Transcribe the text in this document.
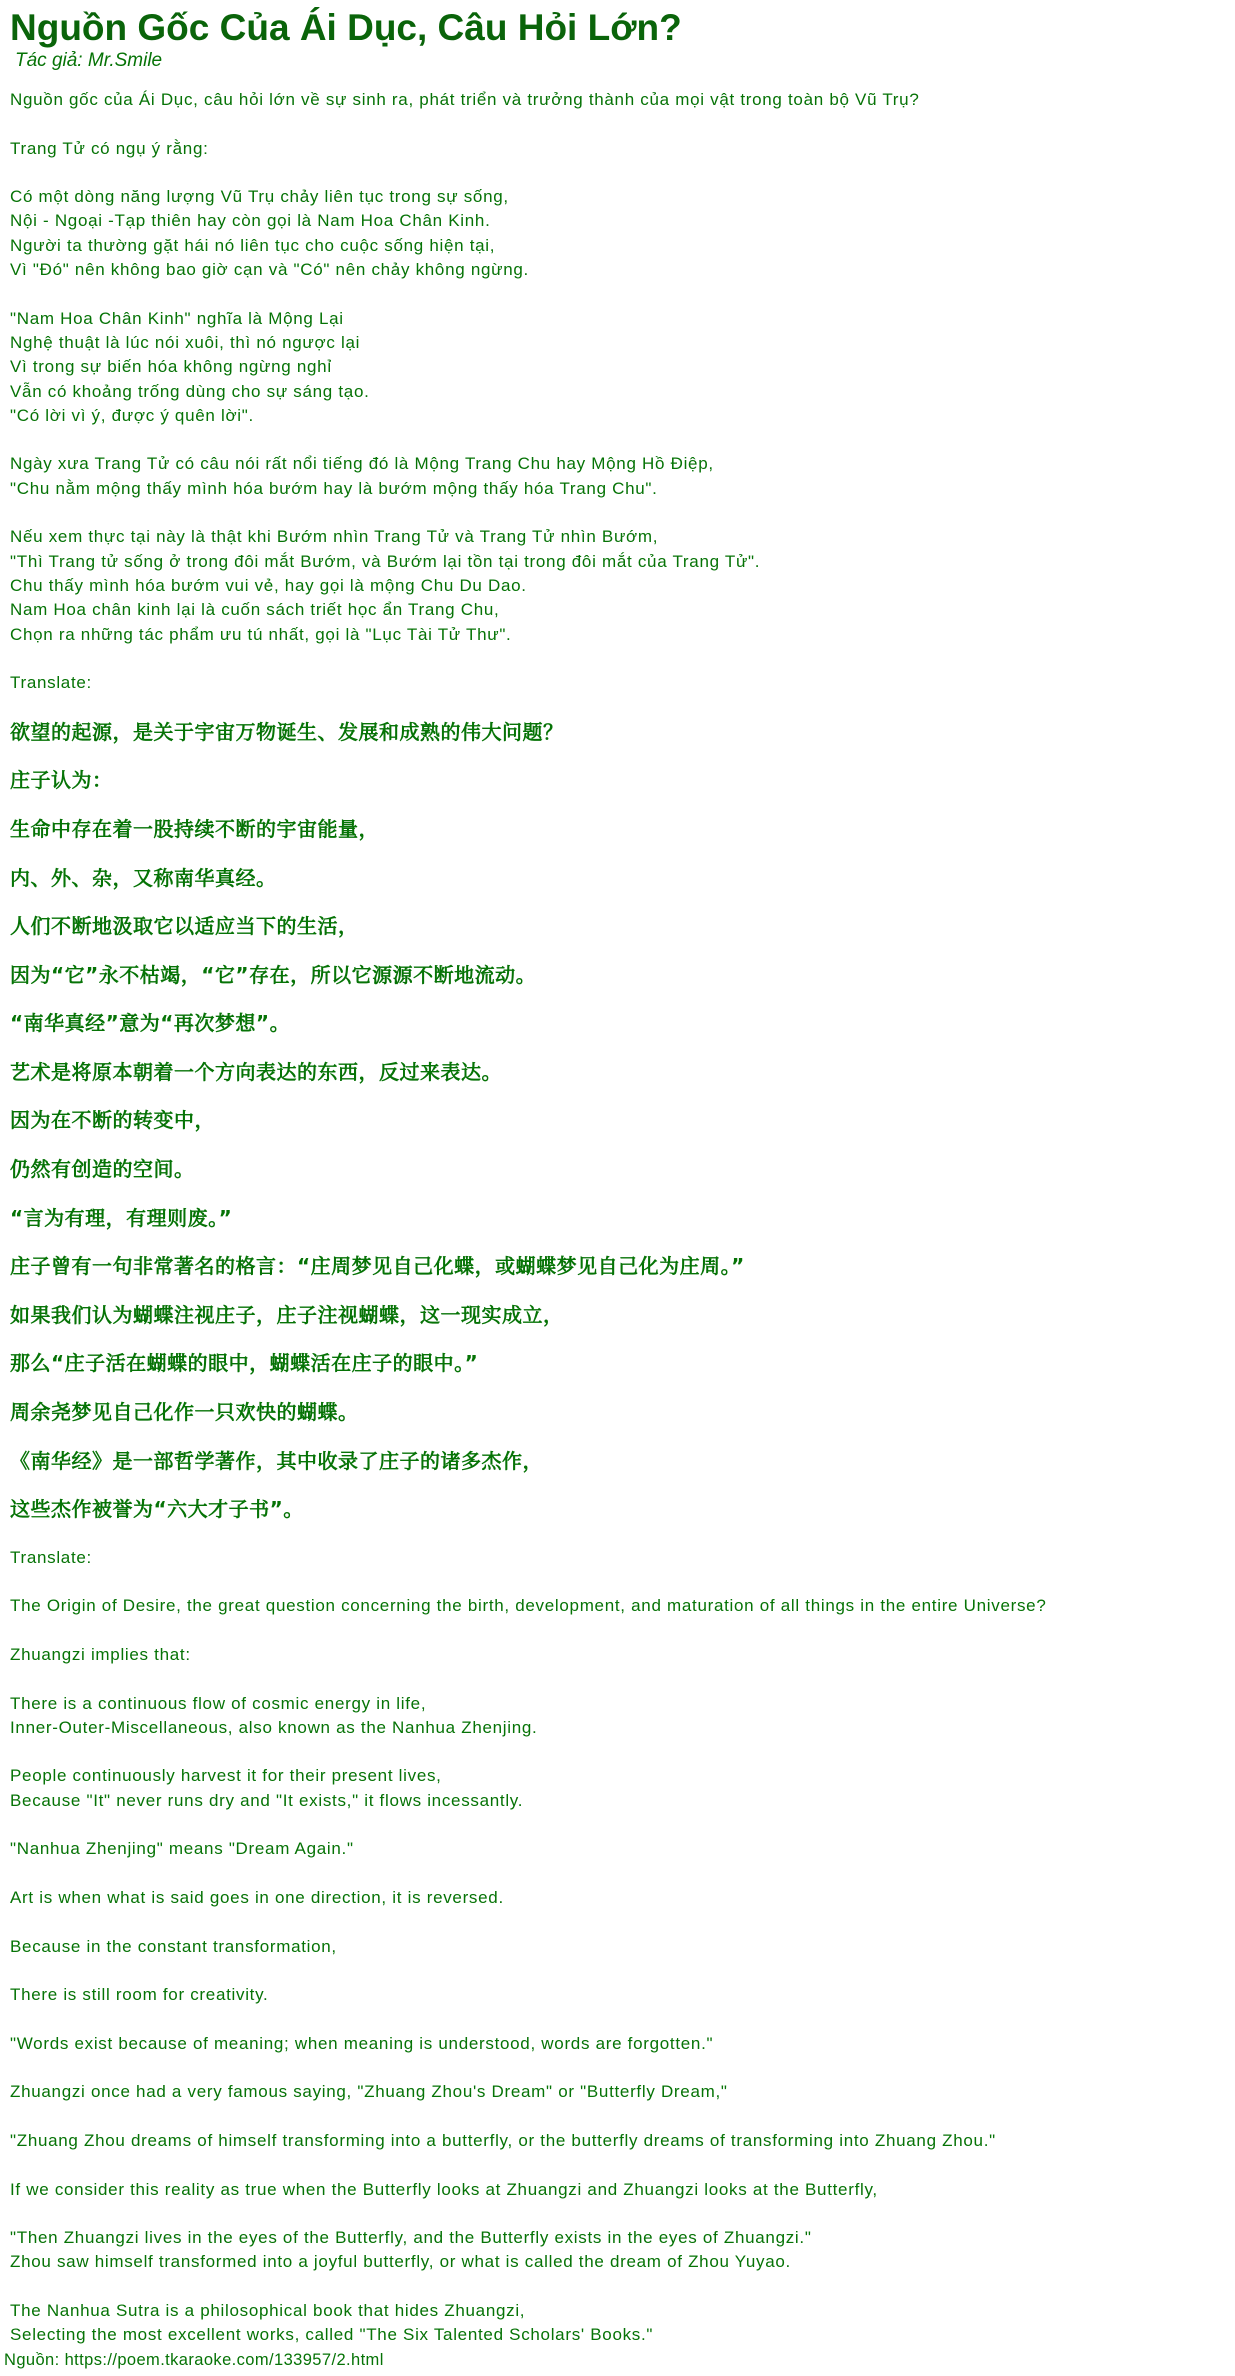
Nguồn Gốc Của Ái Dục, Câu Hỏi Lớn?

Tác giả: Mr.Smile

Nguồn gốc của Ái Dục, câu hỏi lớn về sự sinh ra, phát triển và trưởng thành của mọi vật trong toàn bộ Vũ Trụ?

Trang Tử có ngụ ý rằng:

Có một dòng năng lượng Vũ Trụ chảy liên tục trong sự sống,
Nội - Ngoại -Tạp thiên hay còn gọi là Nam Hoa Chân Kinh.
Người ta thường gặt hái nó liên tục cho cuộc sống hiện tại,
Vì "Đó" nên không bao giờ cạn và "Có" nên chảy không ngừng.

"Nam Hoa Chân Kinh" nghĩa là Mộng Lại
Nghệ thuật là lúc nói xuôi, thì nó ngược lại
Vì trong sự biến hóa không ngừng nghỉ
Vẫn có khoảng trống dùng cho sự sáng tạo.
"Có lời vì ý, được ý quên lời".

Ngày xưa Trang Tử có câu nói rất nổi tiếng đó là Mộng Trang Chu hay Mộng Hồ Điệp,
"Chu nằm mộng thấy mình hóa bướm hay là bướm mộng thấy hóa Trang Chu".

Nếu xem thực tại này là thật khi Bướm nhìn Trang Tử và Trang Tử nhìn Bướm,
"Thì Trang tử sống ở trong đôi mắt Bướm, và Bướm lại tồn tại trong đôi mắt của Trang Tử".
Chu thấy mình hóa bướm vui vẻ, hay gọi là mộng Chu Du Dao.
Nam Hoa chân kinh lại là cuốn sách triết học ẩn Trang Chu,
Chọn ra những tác phẩm ưu tú nhất, gọi là "Lục Tài Tử Thư".

Translate:

欲望的起源，是关于宇宙万物诞生、发展和成熟的伟大问题？

庄子认为：

生命中存在着一股持续不断的宇宙能量，

内、外、杂，又称南华真经。

人们不断地汲取它以适应当下的生活，

因为“它”永不枯竭，“它”存在，所以它源源不断地流动。

“南华真经”意为“再次梦想”。

艺术是将原本朝着一个方向表达的东西，反过来表达。

因为在不断的转变中，

仍然有创造的空间。

“言为有理，有理则废。”

庄子曾有一句非常著名的格言：“庄周梦见自己化蝶，或蝴蝶梦见自己化为庄周。”

如果我们认为蝴蝶注视庄子，庄子注视蝴蝶，这一现实成立，

那么“庄子活在蝴蝶的眼中，蝴蝶活在庄子的眼中。”

周余尧梦见自己化作一只欢快的蝴蝶。

《南华经》是一部哲学著作，其中收录了庄子的诸多杰作，

这些杰作被誉为“六大才子书”。

Translate:

The Origin of Desire, the great question concerning the birth, development, and maturation of all things in the entire Universe?

Zhuangzi implies that:

There is a continuous flow of cosmic energy in life,
Inner-Outer-Miscellaneous, also known as the Nanhua Zhenjing.

People continuously harvest it for their present lives,
Because "It" never runs dry and "It exists," it flows incessantly.

"Nanhua Zhenjing" means "Dream Again."

Art is when what is said goes in one direction, it is reversed.

Because in the constant transformation,

There is still room for creativity.

"Words exist because of meaning; when meaning is understood, words are forgotten."

Zhuangzi once had a very famous saying, "Zhuang Zhou's Dream" or "Butterfly Dream,"

"Zhuang Zhou dreams of himself transforming into a butterfly, or the butterfly dreams of transforming into Zhuang Zhou."

If we consider this reality as true when the Butterfly looks at Zhuangzi and Zhuangzi looks at the Butterfly,

"Then Zhuangzi lives in the eyes of the Butterfly, and the Butterfly exists in the eyes of Zhuangzi."
Zhou saw himself transformed into a joyful butterfly, or what is called the dream of Zhou Yuyao.

The Nanhua Sutra is a philosophical book that hides Zhuangzi,
Selecting the most excellent works, called "The Six Talented Scholars' Books."

Nguồn: https://poem.tkaraoke.com/133957/2.html
